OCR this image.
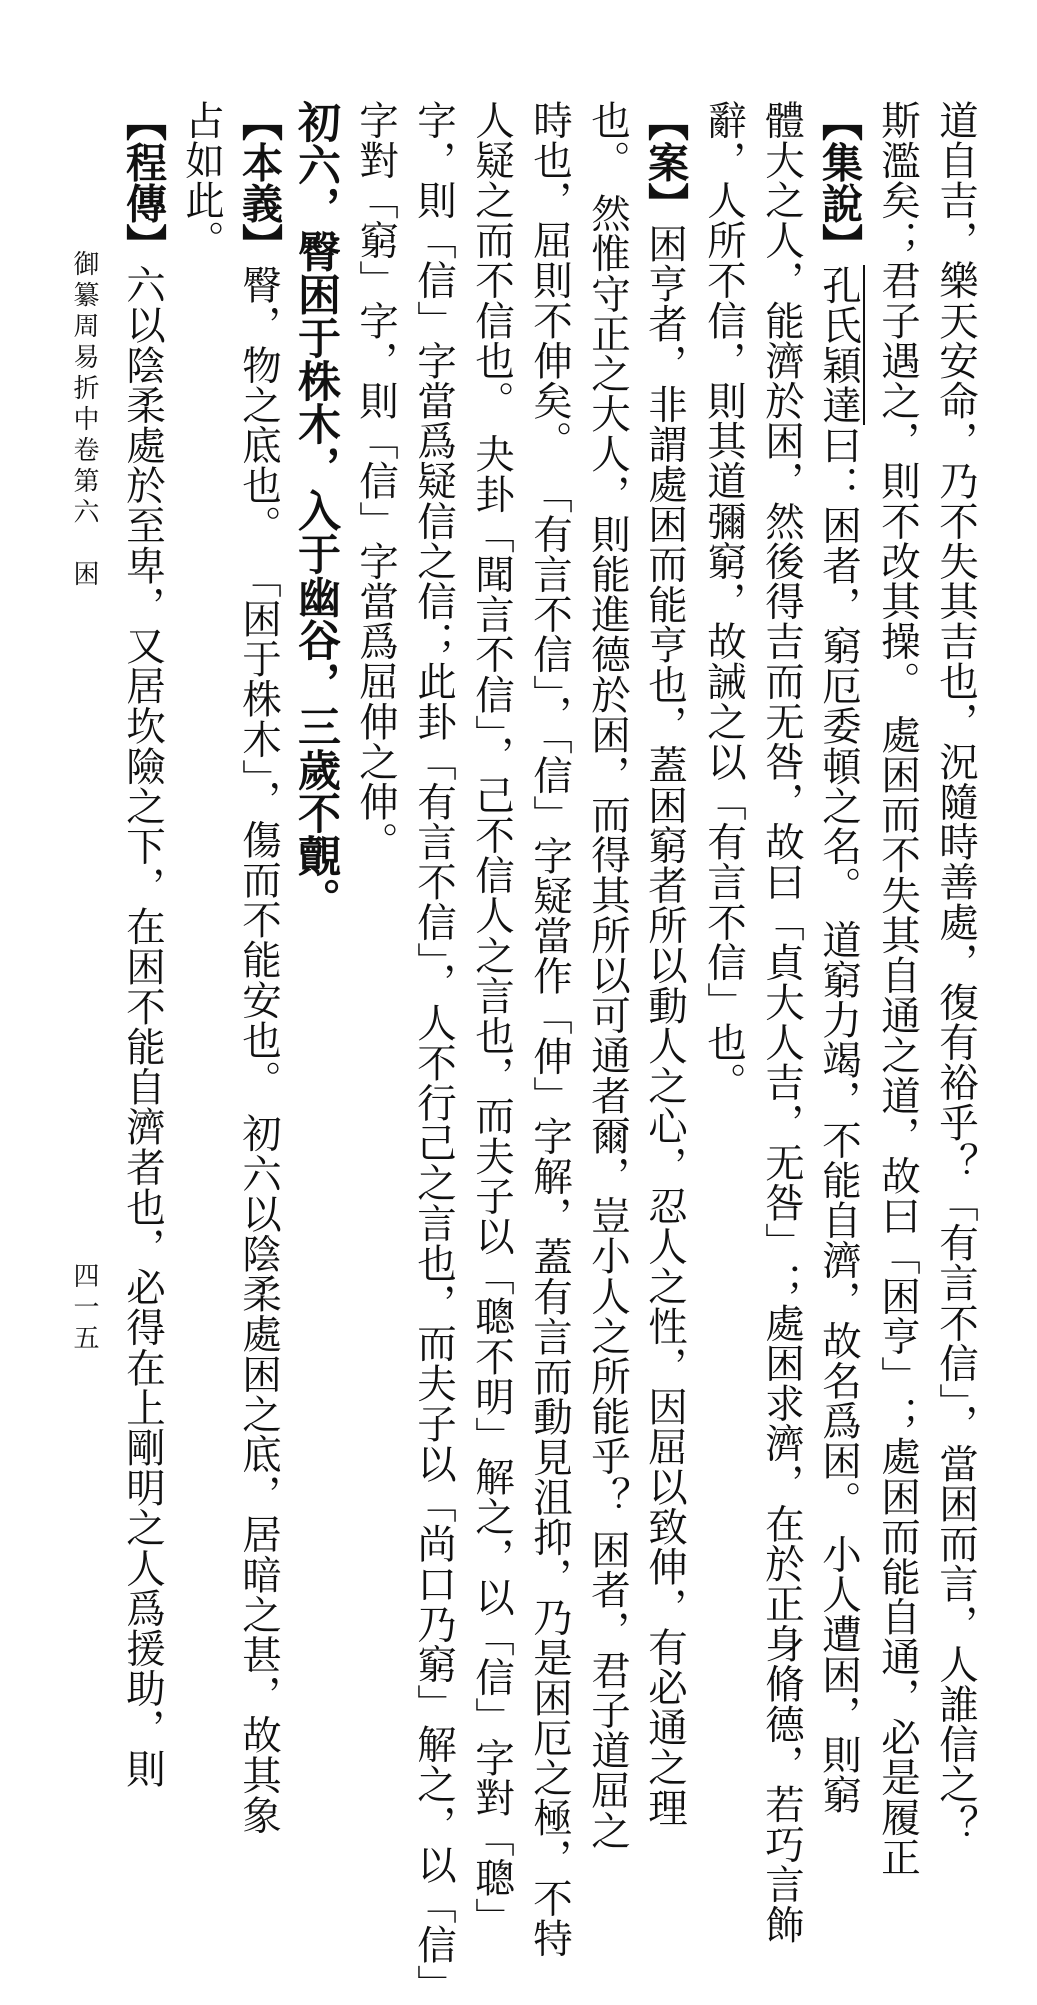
道自吉，樂天安命，乃不失其吉也，況隨時善處，復有裕乎？「有言不信」，當困而言，人誰信之？
斯濫矣；君子遇之，則不改其操。 處困而不失其自通之道，故曰「困亨」；處困而能自通，必是履正
【集說】孔氏穎達曰：困者，窮厄委頓之名。 道窮力竭，不能自濟，故名爲困。 小人遭困，則窮
體大之人，能濟於困，然後得吉而无咎，故曰「貞大人吉，无咎」；處困求濟，在於正身脩德，若巧言飾
辭，人所不信，則其道彌窮，故誡之以「有言不信」也。
【案】困亨者，非謂處困而能亨也，蓋困窮者所以動人之心，忍人之性，因屈以致伸，有必通之理
也。 然惟守正之大人，則能進德於困，而得其所以可通者爾，豈小人之所能乎？ 困者，君子道屈之
時也，屈則不伸矣。 「有言不信」，「信」字疑當作「伸」字解，蓋有言而動見沮抑，乃是困厄之極，不特
人疑之而不信也。 夬卦「聞言不信」，己不信人之言也，而夫子以「聰不明」解之，以「信」字對「聰」
字，則「信」字當爲疑信之信；此卦「有言不信」，人不行己之言也，而夫子以「尚口乃窮」解之，以「信」
字對「窮」字，則「信」字當爲屈伸之伸。
初六，臀困于株木，入于幽谷，三歲不覿。
【本義】臀，物之底也。 「困于株木」，傷而不能安也。 初六以陰柔處困之底，居暗之甚，故其象
占如此。
【程傳】六以陰柔處於至卑，又居坎險之下，在困不能自濟者也，必得在上剛明之人爲援助，則
御纂周易折中卷第六　困
四一五
